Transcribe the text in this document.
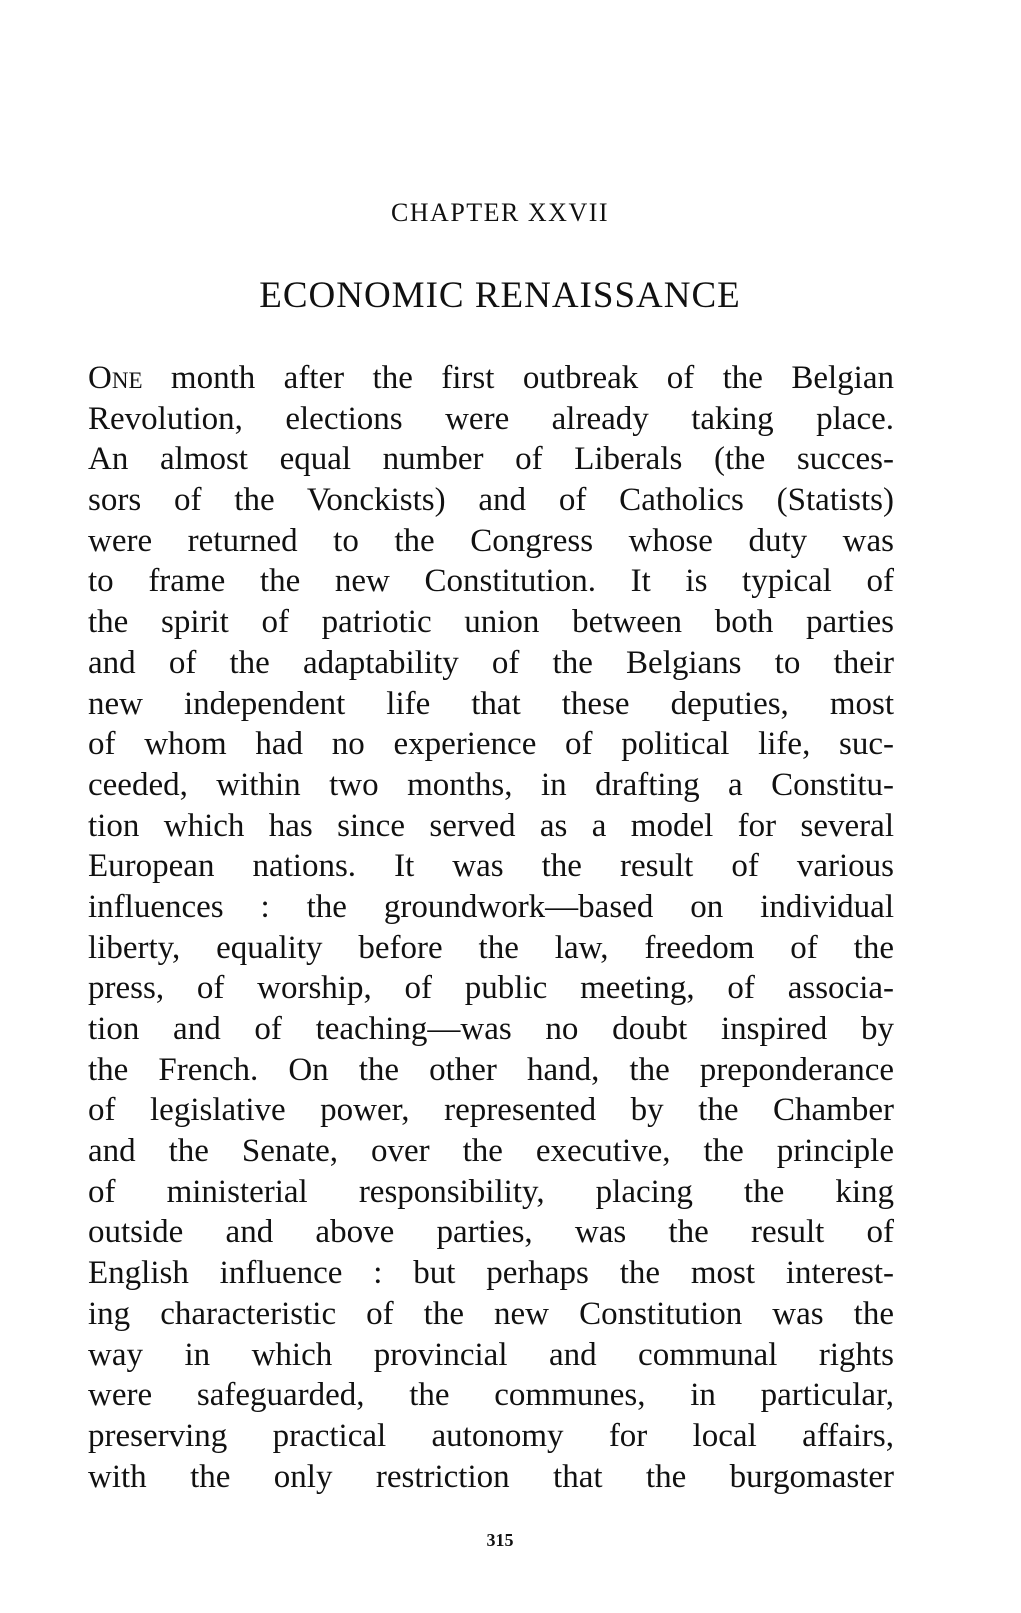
CHAPTER XXVII
ECONOMIC RENAISSANCE
One month after the first outbreak of the Belgian
Revolution, elections were already taking place.
An almost equal number of Liberals (the succes-
sors of the Vonckists) and of Catholics (Statists)
were returned to the Congress whose duty was
to frame the new Constitution. It is typical of
the spirit of patriotic union between both parties
and of the adaptability of the Belgians to their
new independent life that these deputies, most
of whom had no experience of political life, suc-
ceeded, within two months, in drafting a Constitu-
tion which has since served as a model for several
European nations. It was the result of various
influences : the groundwork—based on individual
liberty, equality before the law, freedom of the
press, of worship, of public meeting, of associa-
tion and of teaching—was no doubt inspired by
the French. On the other hand, the preponderance
of legislative power, represented by the Chamber
and the Senate, over the executive, the principle
of ministerial responsibility, placing the king
outside and above parties, was the result of
English influence : but perhaps the most interest-
ing characteristic of the new Constitution was the
way in which provincial and communal rights
were safeguarded, the communes, in particular,
preserving practical autonomy for local affairs,
with the only restriction that the burgomaster
315
